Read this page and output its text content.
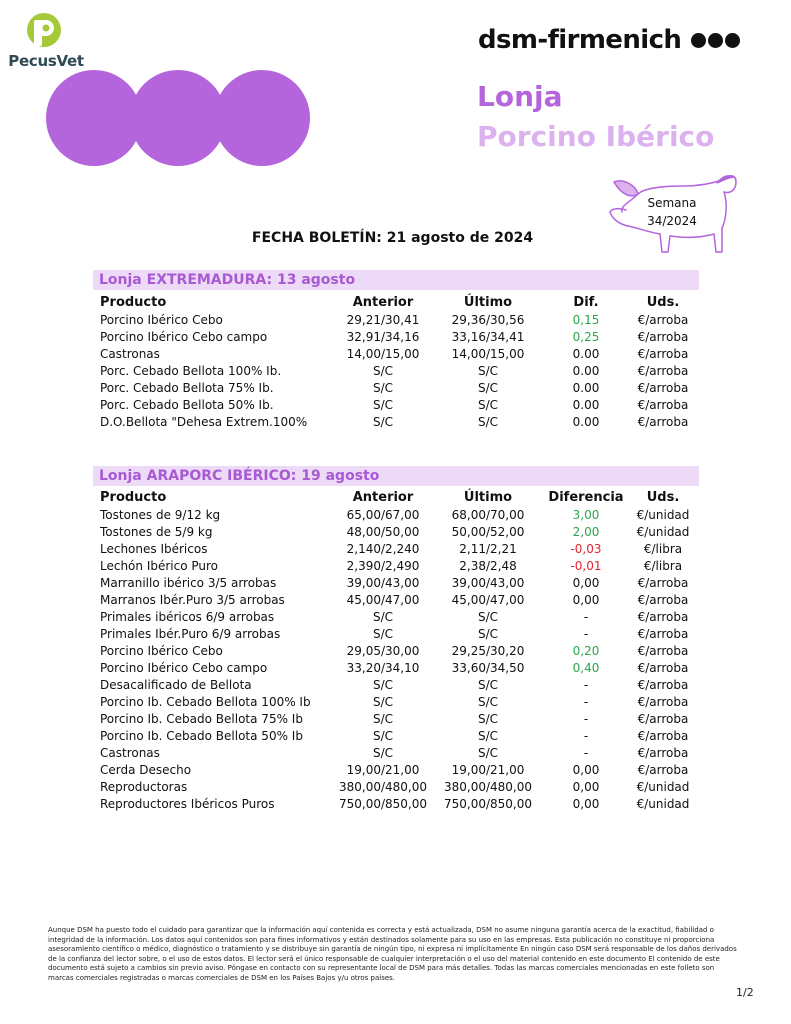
PecusVet
dsm-firmenich
Lonja
Porcino Ibérico
Semana
34/2024
FECHA BOLETÍN: 21 agosto de 2024
Lonja EXTREMADURA: 13 agosto
Producto	Anterior	Último	Dif.	Uds.
Porcino Ibérico Cebo	29,21/30,41	29,36/30,56	0,15	€/arroba
Porcino Ibérico Cebo campo	32,91/34,16	33,16/34,41	0,25	€/arroba
Castronas	14,00/15,00	14,00/15,00	0.00	€/arroba
Porc. Cebado Bellota 100% Ib.	S/C	S/C	0.00	€/arroba
Porc. Cebado Bellota 75% Ib.	S/C	S/C	0.00	€/arroba
Porc. Cebado Bellota 50% Ib.	S/C	S/C	0.00	€/arroba
D.O.Bellota "Dehesa Extrem.100%	S/C	S/C	0.00	€/arroba
Lonja ARAPORC IBÉRICO: 19 agosto
Producto	Anterior	Último	Diferencia	Uds.
Tostones de 9/12 kg	65,00/67,00	68,00/70,00	3,00	€/unidad
Tostones de 5/9 kg	48,00/50,00	50,00/52,00	2,00	€/unidad
Lechones Ibéricos	2,140/2,240	2,11/2,21	-0,03	€/libra
Lechón Ibérico Puro	2,390/2,490	2,38/2,48	-0,01	€/libra
Marranillo ibérico 3/5 arrobas	39,00/43,00	39,00/43,00	0,00	€/arroba
Marranos Ibér.Puro 3/5 arrobas	45,00/47,00	45,00/47,00	0,00	€/arroba
Primales ibéricos 6/9 arrobas	S/C	S/C	-	€/arroba
Primales Ibér.Puro 6/9 arrobas	S/C	S/C	-	€/arroba
Porcino Ibérico Cebo	29,05/30,00	29,25/30,20	0,20	€/arroba
Porcino Ibérico Cebo campo	33,20/34,10	33,60/34,50	0,40	€/arroba
Desacalificado de Bellota	S/C	S/C	-	€/arroba
Porcino Ib. Cebado Bellota 100% Ib	S/C	S/C	-	€/arroba
Porcino Ib. Cebado Bellota 75% Ib	S/C	S/C	-	€/arroba
Porcino Ib. Cebado Bellota 50% Ib	S/C	S/C	-	€/arroba
Castronas	S/C	S/C	-	€/arroba
Cerda Desecho	19,00/21,00	19,00/21,00	0,00	€/arroba
Reproductoras	380,00/480,00	380,00/480,00	0,00	€/unidad
Reproductores Ibéricos Puros	750,00/850,00	750,00/850,00	0,00	€/unidad
Aunque DSM ha puesto todo el cuidado para garantizar que la información aquí contenida es correcta y está actualizada, DSM no asume ninguna garantía acerca de la exactitud, fiabilidad o integridad de la información. Los datos aquí contenidos son para fines informativos y están destinados solamente para su uso en las empresas. Esta publicación no constituye ni proporciona asesoramiento científico o médico, diagnóstico o tratamiento y se distribuye sin garantía de ningún tipo, ni expresa ni implícitamente En ningún caso DSM será responsable de los daños derivados de la confianza del lector sobre, o el uso de estos datos. El lector será el único responsable de cualquier interpretación o el uso del material contenido en este documento El contenido de este documento está sujeto a cambios sin previo aviso. Póngase en contacto con su representante local de DSM para más detalles. Todas las marcas comerciales mencionadas en este folleto son marcas comerciales registradas o marcas comerciales de DSM en los Países Bajos y/u otros países.
1/2
